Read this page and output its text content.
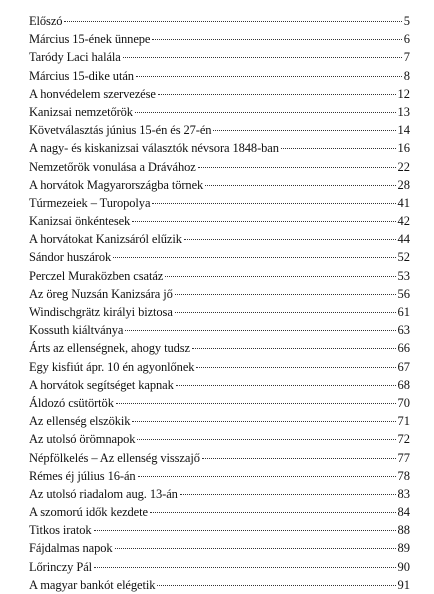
Előszó	5
Március 15-ének ünnepe	6
Taródy Laci halála	7
Március 15-dike után	8
A honvédelem szervezése	12
Kanizsai nemzetőrök	13
Követválasztás június 15-én és 27-én	14
A nagy- és kiskanizsai választók névsora 1848-ban	16
Nemzetőrök vonulása a Drávához	22
A horvátok Magyarországba törnek	28
Túrmezeiek – Turopolya	41
Kanizsai önkéntesek	42
A horvátokat Kanizsáról elűzik	44
Sándor huszárok	52
Perczel Muraközben csatáz	53
Az öreg Nuzsán Kanizsára jő	56
Windischgrätz királyi biztosa	61
Kossuth kiáltványa	63
Árts az ellenségnek, ahogy tudsz	66
Egy kisfiút ápr. 10 én agyonlőnek	67
A horvátok segítséget kapnak	68
Áldozó csütörtök	70
Az ellenség elszökik	71
Az utolsó örömnapok	72
Népfölkelés – Az ellenség visszajő	77
Rémes éj július 16-án	78
Az utolsó riadalom aug. 13-án	83
A szomorú idők kezdete	84
Titkos iratok	88
Fájdalmas napok	89
Lőrinczy Pál	90
A magyar bankót elégetik	91
